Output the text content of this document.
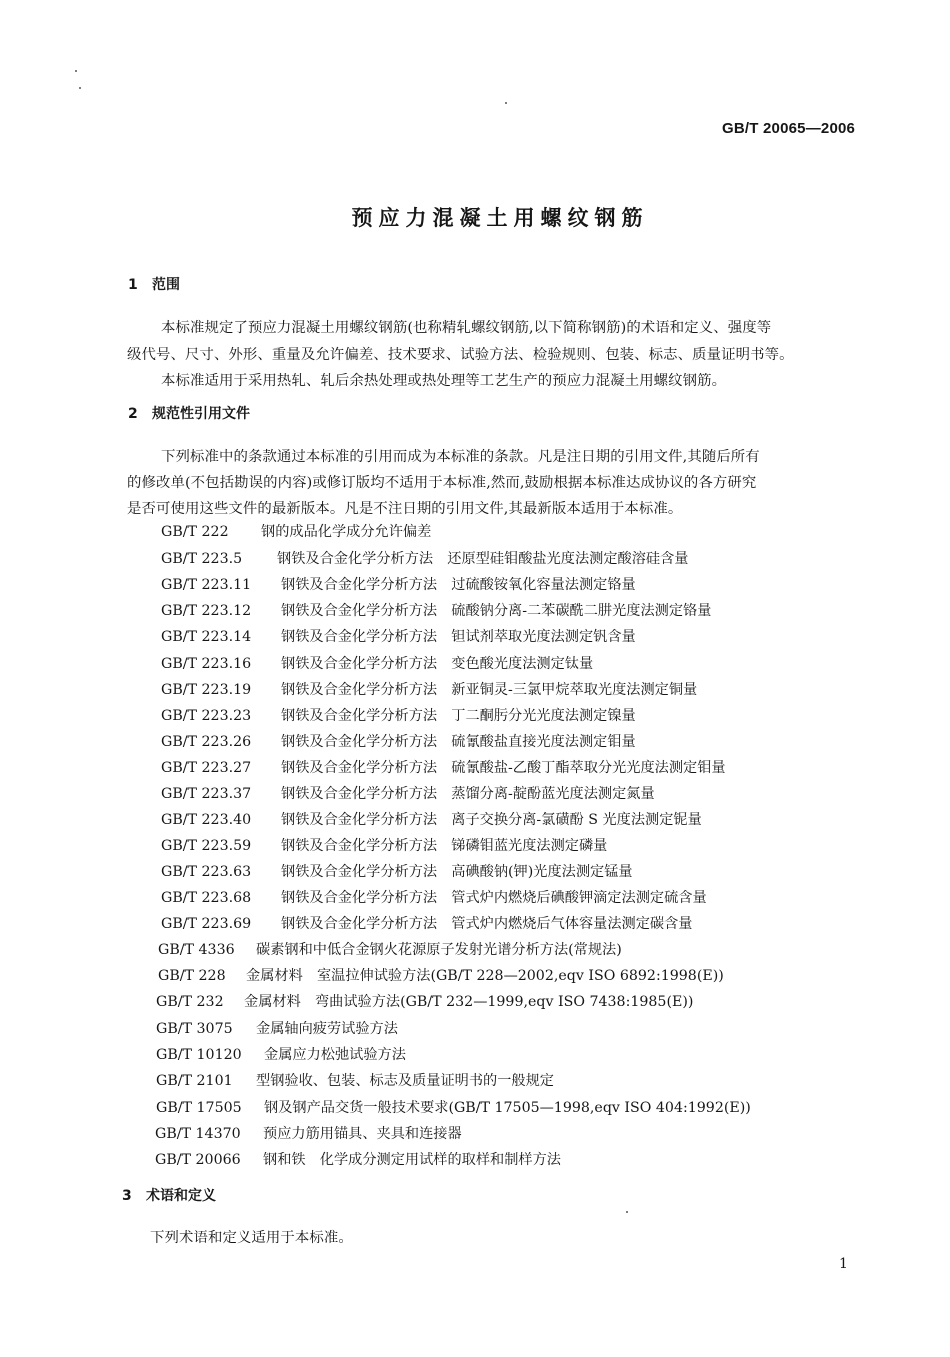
GB/T 20065—2006
预应力混凝土用螺纹钢筋
1 范围
本标准规定了预应力混凝土用螺纹钢筋(也称精轧螺纹钢筋,以下简称钢筋)的术语和定义、强度等
级代号、尺寸、外形、重量及允许偏差、技术要求、试验方法、检验规则、包装、标志、质量证明书等。
本标准适用于采用热轧、轧后余热处理或热处理等工艺生产的预应力混凝土用螺纹钢筋。
2 规范性引用文件
下列标准中的条款通过本标准的引用而成为本标准的条款。凡是注日期的引用文件,其随后所有
的修改单(不包括勘误的内容)或修订版均不适用于本标准,然而,鼓励根据本标准达成协议的各方研究
是否可使用这些文件的最新版本。凡是不注日期的引用文件,其最新版本适用于本标准。
GB/T 222 钢的成品化学成分允许偏差
GB/T 223.5 钢铁及合金化学分析方法　还原型硅钼酸盐光度法测定酸溶硅含量
GB/T 223.11 钢铁及合金化学分析方法　过硫酸铵氧化容量法测定铬量
GB/T 223.12 钢铁及合金化学分析方法　硫酸钠分离-二苯碳酰二肼光度法测定铬量
GB/T 223.14 钢铁及合金化学分析方法　钽试剂萃取光度法测定钒含量
GB/T 223.16 钢铁及合金化学分析方法　变色酸光度法测定钛量
GB/T 223.19 钢铁及合金化学分析方法　新亚铜灵-三氯甲烷萃取光度法测定铜量
GB/T 223.23 钢铁及合金化学分析方法　丁二酮肟分光光度法测定镍量
GB/T 223.26 钢铁及合金化学分析方法　硫氰酸盐直接光度法测定钼量
GB/T 223.27 钢铁及合金化学分析方法　硫氰酸盐-乙酸丁酯萃取分光光度法测定钼量
GB/T 223.37 钢铁及合金化学分析方法　蒸馏分离-靛酚蓝光度法测定氮量
GB/T 223.40 钢铁及合金化学分析方法　离子交换分离-氯磺酚 S 光度法测定铌量
GB/T 223.59 钢铁及合金化学分析方法　锑磷钼蓝光度法测定磷量
GB/T 223.63 钢铁及合金化学分析方法　高碘酸钠(钾)光度法测定锰量
GB/T 223.68 钢铁及合金化学分析方法　管式炉内燃烧后碘酸钾滴定法测定硫含量
GB/T 223.69 钢铁及合金化学分析方法　管式炉内燃烧后气体容量法测定碳含量
GB/T 4336 碳素钢和中低合金钢火花源原子发射光谱分析方法(常规法)
GB/T 228 金属材料　室温拉伸试验方法(GB/T 228—2002,eqv ISO 6892:1998(E))
GB/T 232 金属材料　弯曲试验方法(GB/T 232—1999,eqv ISO 7438:1985(E))
GB/T 3075 金属轴向疲劳试验方法
GB/T 10120 金属应力松弛试验方法
GB/T 2101 型钢验收、包装、标志及质量证明书的一般规定
GB/T 17505 钢及钢产品交货一般技术要求(GB/T 17505—1998,eqv ISO 404:1992(E))
GB/T 14370 预应力筋用锚具、夹具和连接器
GB/T 20066 钢和铁　化学成分测定用试样的取样和制样方法
3 术语和定义
下列术语和定义适用于本标准。
1
